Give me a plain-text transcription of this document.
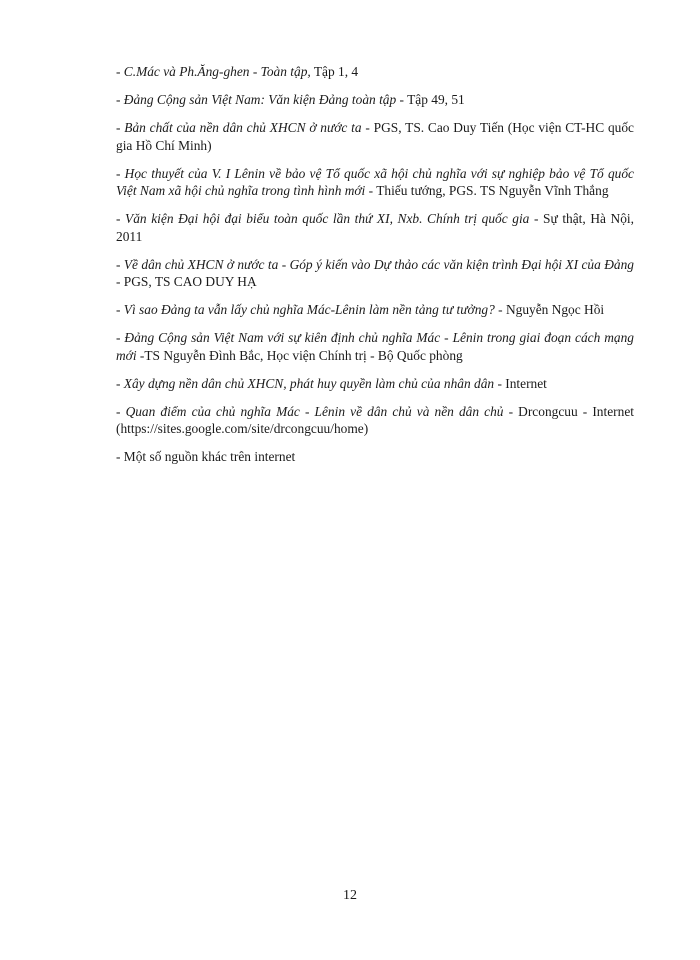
- C.Mác và Ph.Ăng-ghen - Toàn tập, Tập 1, 4
- Đảng Cộng sản Việt Nam: Văn kiện Đảng toàn tập - Tập 49, 51
- Bản chất của nền dân chủ XHCN ở nước ta - PGS, TS. Cao Duy Tiến (Học viện CT-HC quốc gia Hồ Chí Minh)
- Học thuyết của V. I Lênin về bảo vệ Tổ quốc xã hội chủ nghĩa với sự nghiệp bảo vệ Tổ quốc Việt Nam xã hội chủ nghĩa trong tình hình mới - Thiếu tướng, PGS. TS Nguyễn Vĩnh Thắng
- Văn kiện Đại hội đại biểu toàn quốc lần thứ XI, Nxb. Chính trị quốc gia - Sự thật, Hà Nội, 2011
- Về dân chủ XHCN ở nước ta - Góp ý kiến vào Dự thảo các văn kiện trình Đại hội XI của Đảng - PGS, TS CAO DUY HẠ
- Vì sao Đảng ta vẫn lấy chủ nghĩa Mác-Lênin làm nền tảng tư tưởng? - Nguyễn Ngọc Hồi
- Đảng Cộng sản Việt Nam với sự kiên định chủ nghĩa Mác - Lênin trong giai đoạn cách mạng mới -TS Nguyễn Đình Bắc, Học viện Chính trị - Bộ Quốc phòng
- Xây dựng nền dân chủ XHCN, phát huy quyền làm chủ của nhân dân - Internet
- Quan điểm của chủ nghĩa Mác - Lênin về dân chủ và nền dân chủ - Drcongcuu - Internet (https://sites.google.com/site/drcongcuu/home)
- Một số nguồn khác trên internet
12
